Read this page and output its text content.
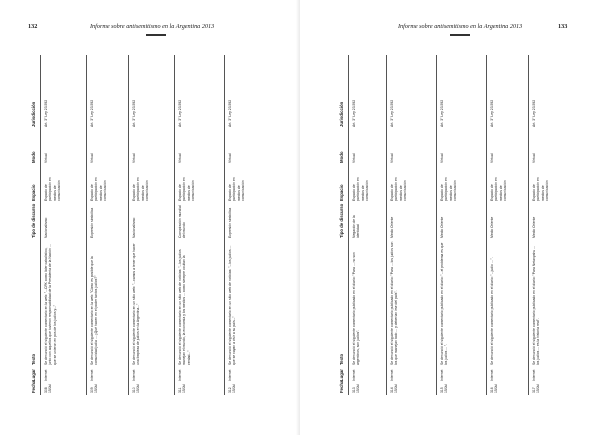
132	Informe sobre antisemitismo en la Argentina 2013
Fecha
Lugar
Texto
Tipo de discurso
Espacio
Modo
Jurisdicción
308 15/Jul
Internet
Se denunció el siguiente comentario en la web: "...CFK como líder cabalístico, junto con aquellos que tuvieron responsabilidad de la Presidenta de la Nación ... que se unieron en pos de los judíos y..."
Nacionalismo
Espacio de participación en medios de comunicación
Virtual
Art. 3° Ley 23.592
309 15/Jul
Internet
Se denunció el siguiente comentario en la web: "Cómo es posible que la comunidad judía ... ¿Qué hacen en el poder tantos judíos?"
Expresión simbólica
Espacio de participación en medios de comunicación
Virtual
Art. 3° Ley 23.592
310 15/Jul
Internet
Se denunció el siguiente comentario en un sitio web: "...vamos a tener que hacer una limpieza de judíos en la Argentina..."
Nacionalismo
Espacio de participación en medios de comunicación
Virtual
Art. 3° Ley 23.592
311 15/Jul
Internet
Se denunció el siguiente comentario en un sitio web de noticias: "...los judíos manejan el mundo, la economía y los medios ... como siempre ocultan la verdad..."
Conspiración mundial del mundo
Espacio de participación en medios de comunicación
Virtual
Art. 3° Ley 23.592
312 15/Jul
Internet
Se denunció el siguiente comentario en un sitio web de noticias: "...los judíos ... que se vayan a vivir a su país..."
Expresión simbólica
Espacio de participación en medios de comunicación
Virtual
Art. 3° Ley 23.592
Informe sobre antisemitismo en la Argentina 2013	133
Fecha
Lugar
Texto
Tipo de discurso
Espacio
Modo
Jurisdicción
313 15/Jul
Internet
Se denunció el siguiente comentario publicado en el diario: "Para ... no son argentinos, son judíos".
Negación de la identidad
Espacio de participación en medios de comunicación
Virtual
Art. 3° Ley 23.592
314 15/Jul
Internet
Se denunció el siguiente comentario publicado en el diario: "Para ... los judíos son los que manejan todo ... y deberían irse del país".
Medio Oriente
Espacio de participación en medios de comunicación
Virtual
Art. 3° Ley 23.592
315 15/Jul
Internet
Se denunció el siguiente comentario publicado en el diario: "...el problema es que los judíos ... ".
Medio Oriente
Espacio de participación en medios de comunicación
Virtual
Art. 3° Ley 23.592
316 15/Jul
Internet
Se denunció el siguiente comentario publicado en el diario: "...judío ... ".
Medio Oriente
Espacio de participación en medios de comunicación
Virtual
Art. 3° Ley 23.592
317 15/Jul
Internet
Se denunció el siguiente comentario publicado en el diario: "Para Netanyahu ... los judíos ... es la historia real".
Medio Oriente
Espacio de participación en medios de comunicación
Virtual
Art. 3° Ley 23.592
